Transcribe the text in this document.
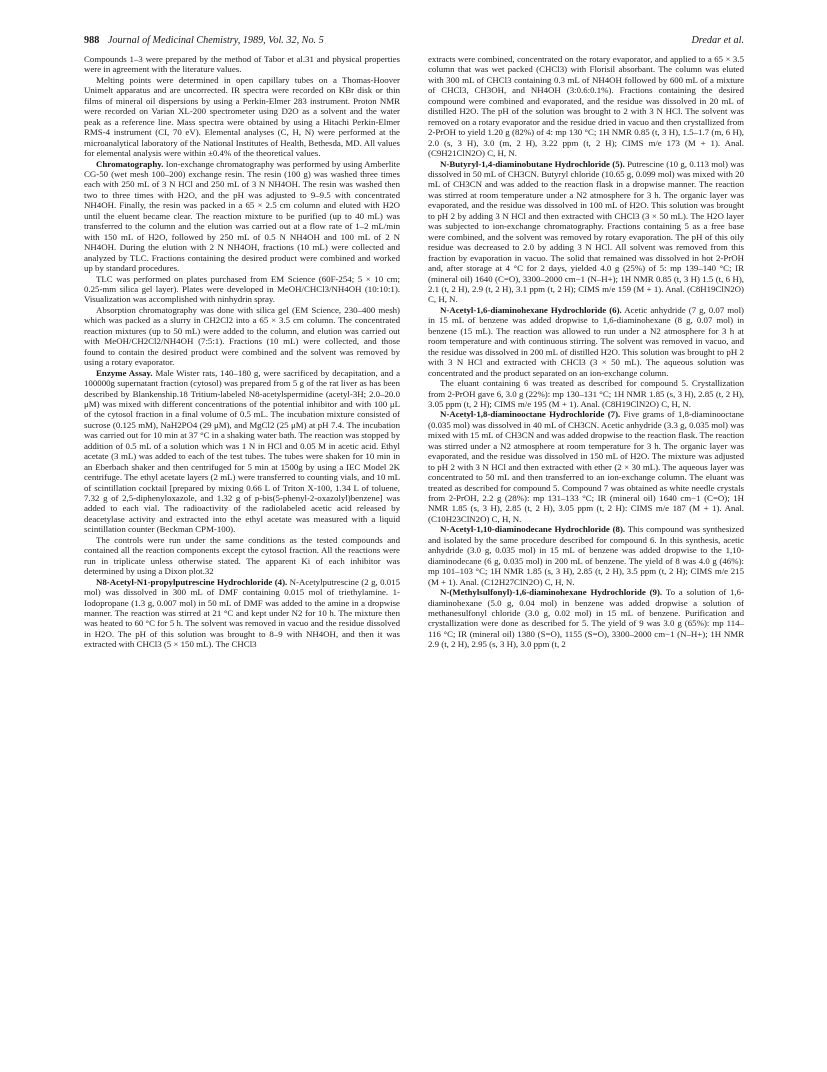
988 Journal of Medicinal Chemistry, 1989, Vol. 32, No. 5	Dredar et al.

Compounds 1–3 were prepared by the method of Tabor et al.31 and physical properties were in agreement with the literature values.

Melting points were determined in open capillary tubes on a Thomas-Hoover Unimelt apparatus and are uncorrected. IR spectra were recorded on KBr disk or thin films of mineral oil dispersions by using a Perkin-Elmer 283 instrument. Proton NMR were recorded on Varian XL-200 spectrometer using D2O as a solvent and the water peak as a reference line. Mass spectra were obtained by using a Hitachi Perkin-Elmer RMS-4 instrument (CI, 70 eV). Elemental analyses (C, H, N) were performed at the microanalytical laboratory of the National Institutes of Health, Bethesda, MD. All values for elemental analysis were within ±0.4% of the theoretical values.

Chromatography. Ion-exchange chromatography was performed by using Amberlite CG-50 (wet mesh 100–200) exchange resin. The resin (100 g) was washed three times each with 250 mL of 3 N HCl and 250 mL of 3 N NH4OH. The resin was washed then two to three times with H2O, and the pH was adjusted to 9–9.5 with concentrated NH4OH. Finally, the resin was packed in a 65 × 2.5 cm column and eluted with H2O until the eluent became clear. The reaction mixture to be purified (up to 40 mL) was transferred to the column and the elution was carried out at a flow rate of 1–2 mL/min with 150 mL of H2O, followed by 250 mL of 0.5 N NH4OH and 100 mL of 2 N NH4OH. During the elution with 2 N NH4OH, fractions (10 mL) were collected and analyzed by TLC. Fractions containing the desired product were combined and worked up by standard procedures.

TLC was performed on plates purchased from EM Science (60F-254; 5 × 10 cm; 0.25-mm silica gel layer). Plates were developed in MeOH/CHCl3/NH4OH (10:10:1). Visualization was accomplished with ninhydrin spray.

Absorption chromatography was done with silica gel (EM Science, 230–400 mesh) which was packed as a slurry in CH2Cl2 into a 65 × 3.5 cm column. The concentrated reaction mixtures (up to 50 mL) were added to the column, and elution was carried out with MeOH/CH2Cl2/NH4OH (7:5:1). Fractions (10 mL) were collected, and those found to contain the desired product were combined and the solvent was removed by using a rotary evaporator.

Enzyme Assay. Male Wister rats, 140–180 g, were sacrificed by decapitation, and a 100000g supernatant fraction (cytosol) was prepared from 5 g of the rat liver as has been described by Blankenship.18 Tritium-labeled N8-acetylspermidine (acetyl-3H; 2.0–20.0 μM) was mixed with different concentrations of the potential inhibitor and with 100 μL of the cytosol fraction in a final volume of 0.5 mL. The incubation mixture consisted of sucrose (0.125 mM), NaH2PO4 (29 μM), and MgCl2 (25 μM) at pH 7.4. The incubation was carried out for 10 min at 37 °C in a shaking water bath. The reaction was stopped by addition of 0.5 mL of a solution which was 1 N in HCl and 0.05 M in acetic acid. Ethyl acetate (3 mL) was added to each of the test tubes. The tubes were shaken for 10 min in an Eberbach shaker and then centrifuged for 5 min at 1500g by using a IEC Model 2K centrifuge. The ethyl acetate layers (2 mL) were transferred to counting vials, and 10 mL of scintillation cocktail [prepared by mixing 0.66 L of Triton X-100, 1.34 L of toluene, 7.32 g of 2,5-diphenyloxazole, and 1.32 g of p-bis(5-phenyl-2-oxazolyl)benzene] was added to each vial. The radioactivity of the radiolabeled acetic acid released by deacetylase activity and extracted into the ethyl acetate was measured with a liquid scintillation counter (Beckman CPM-100).

The controls were run under the same conditions as the tested compounds and contained all the reaction components except the cytosol fraction. All the reactions were run in triplicate unless otherwise stated. The apparent Ki of each inhibitor was determined by using a Dixon plot.32

N8-Acetyl-N1-propylputrescine Hydrochloride (4). N-Acetylputrescine (2 g, 0.015 mol) was dissolved in 300 mL of DMF containing 0.015 mol of triethylamine. 1-Iodopropane (1.3 g, 0.007 mol) in 50 mL of DMF was added to the amine in a dropwise manner. The reaction was stirred at 21 °C and kept under N2 for 10 h. The mixture then was heated to 60 °C for 5 h. The solvent was removed in vacuo and the residue dissolved in H2O. The pH of this solution was brought to 8–9 with NH4OH, and then it was extracted with CHCl3 (5 × 150 mL). The CHCl3

extracts were combined, concentrated on the rotary evaporator, and applied to a 65 × 3.5 column that was wet packed (CHCl3) with Florisil absorbant. The column was eluted with 300 mL of CHCl3 containing 0.3 mL of NH4OH followed by 600 mL of a mixture of CHCl3, CH3OH, and NH4OH (3:0.6:0.1%). Fractions containing the desired compound were combined and evaporated, and the residue was dissolved in 20 mL of distilled H2O. The pH of the solution was brought to 2 with 3 N HCl. The solvent was removed on a rotary evaporator and the residue dried in vacuo and then crystallized from 2-PrOH to yield 1.20 g (82%) of 4: mp 130 °C; 1H NMR 0.85 (t, 3 H), 1.5–1.7 (m, 6 H), 2.0 (s, 3 H), 3.0 (m, 2 H), 3.22 ppm (t, 2 H); CIMS m/e 173 (M + 1). Anal. (C9H21ClN2O) C, H, N.

N-Butyryl-1,4-diaminobutane Hydrochloride (5). Putrescine (10 g, 0.113 mol) was dissolved in 50 mL of CH3CN. Butyryl chloride (10.65 g, 0.099 mol) was mixed with 20 mL of CH3CN and was added to the reaction flask in a dropwise manner. The reaction was stirred at room temperature under a N2 atmosphere for 3 h. The organic layer was evaporated, and the residue was dissolved in 100 mL of H2O. This solution was brought to pH 2 by adding 3 N HCl and then extracted with CHCl3 (3 × 50 mL). The H2O layer was subjected to ion-exchange chromatography. Fractions containing 5 as a free base were combined, and the solvent was removed by rotary evaporation. The pH of this oily residue was decreased to 2.0 by adding 3 N HCl. All solvent was removed from this fraction by evaporation in vacuo. The solid that remained was dissolved in hot 2-PrOH and, after storage at 4 °C for 2 days, yielded 4.0 g (25%) of 5: mp 139–140 °C; IR (mineral oil) 1640 (C=O), 3300–2000 cm−1 (N–H+); 1H NMR 0.85 (t, 3 H) 1.5 (t, 6 H), 2.1 (t, 2 H), 2.9 (t, 2 H), 3.1 ppm (t, 2 H); CIMS m/e 159 (M + 1). Anal. (C8H19ClN2O) C, H, N.

N-Acetyl-1,6-diaminohexane Hydrochloride (6). Acetic anhydride (7 g, 0.07 mol) in 15 mL of benzene was added dropwise to 1,6-diaminohexane (8 g, 0.07 mol) in benzene (15 mL). The reaction was allowed to run under a N2 atmosphere for 3 h at room temperature and with continuous stirring. The solvent was removed in vacuo, and the residue was dissolved in 200 mL of distilled H2O. This solution was brought to pH 2 with 3 N HCl and extracted with CHCl3 (3 × 50 mL). The aqueous solution was concentrated and the product separated on an ion-exchange column.

The eluant containing 6 was treated as described for compound 5. Crystallization from 2-PrOH gave 6, 3.0 g (22%): mp 130–131 °C; 1H NMR 1.85 (s, 3 H), 2.85 (t, 2 H), 3.05 ppm (t, 2 H); CIMS m/e 195 (M + 1). Anal. (C8H19ClN2O) C, H, N.

N-Acetyl-1,8-diaminooctane Hydrochloride (7). Five grams of 1,8-diaminooctane (0.035 mol) was dissolved in 40 mL of CH3CN. Acetic anhydride (3.3 g, 0.035 mol) was mixed with 15 mL of CH3CN and was added dropwise to the reaction flask. The reaction was stirred under a N2 atmosphere at room temperature for 3 h. The organic layer was evaporated, and the residue was dissolved in 150 mL of H2O. The mixture was adjusted to pH 2 with 3 N HCl and then extracted with ether (2 × 30 mL). The aqueous layer was concentrated to 50 mL and then transferred to an ion-exchange column. The eluant was treated as described for compound 5. Compound 7 was obtained as white needle crystals from 2-PrOH, 2.2 g (28%): mp 131–133 °C; IR (mineral oil) 1640 cm−1 (C=O); 1H NMR 1.85 (s, 3 H), 2.85 (t, 2 H), 3.05 ppm (t, 2 H): CIMS m/e 187 (M + 1). Anal. (C10H23ClN2O) C, H, N.

N-Acetyl-1,10-diaminodecane Hydrochloride (8). This compound was synthesized and isolated by the same procedure described for compound 6. In this synthesis, acetic anhydride (3.0 g, 0.035 mol) in 15 mL of benzene was added dropwise to the 1,10-diaminodecane (6 g, 0.035 mol) in 200 mL of benzene. The yield of 8 was 4.0 g (46%): mp 101–103 °C; 1H NMR 1.85 (s, 3 H), 2.85 (t, 2 H), 3.5 ppm (t, 2 H); CIMS m/e 215 (M + 1). Anal. (C12H27ClN2O) C, H, N.

N-(Methylsulfonyl)-1,6-diaminohexane Hydrochloride (9). To a solution of 1,6-diaminohexane (5.0 g, 0.04 mol) in benzene was added dropwise a solution of methanesulfonyl chloride (3.0 g, 0.02 mol) in 15 mL of benzene. Purification and crystallization were done as described for 5. The yield of 9 was 3.0 g (65%): mp 114–116 °C; IR (mineral oil) 1380 (S=O), 1155 (S=O), 3300–2000 cm−1 (N–H+); 1H NMR 2.9 (t, 2 H), 2.95 (s, 3 H), 3.0 ppm (t, 2
